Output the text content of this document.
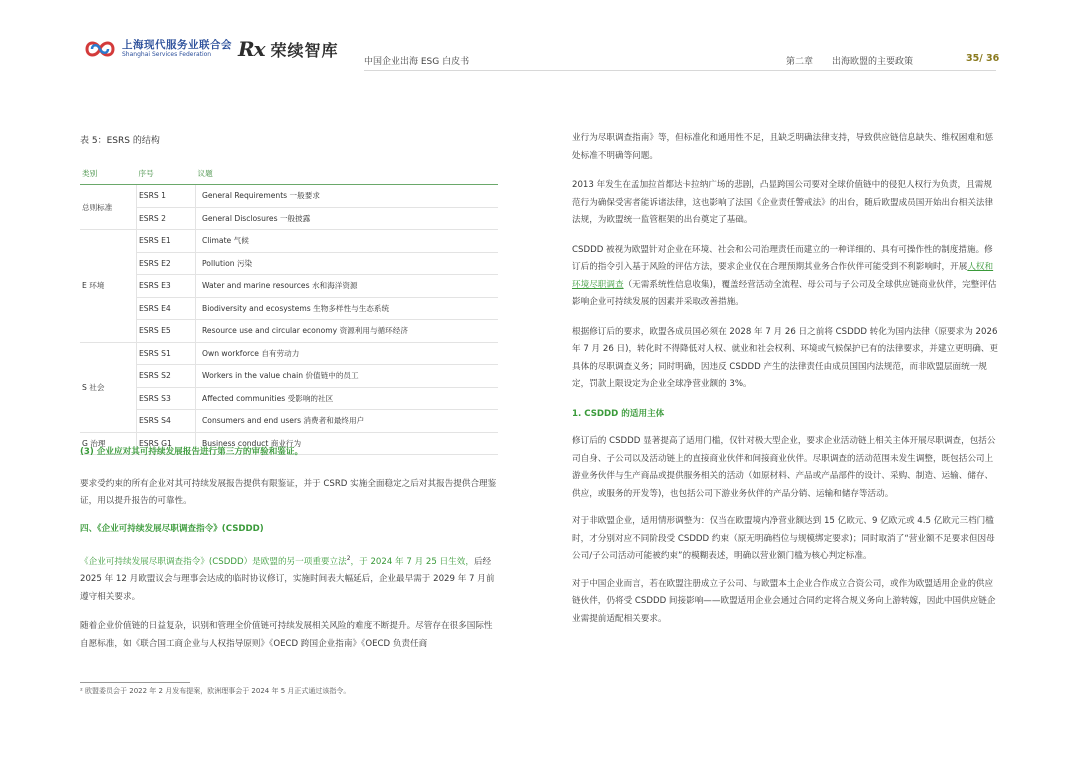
上海现代服务业联合会
Shanghai Services Federation	Rx 荣续智库
中国企业出海 ESG 白皮书	第二章 出海欧盟的主要政策	35/ 36
表 5：ESRS 的结构
类别	序号	议题
总则标准	ESRS 1	General Requirements 一般要求
	ESRS 2	General Disclosures 一般披露
E 环境	ESRS E1	Climate 气候
	ESRS E2	Pollution 污染
	ESRS E3	Water and marine resources 水和海洋资源
	ESRS E4	Biodiversity and ecosystems 生物多样性与生态系统
	ESRS E5	Resource use and circular economy 资源利用与循环经济
S 社会	ESRS S1	Own workforce 自有劳动力
	ESRS S2	Workers in the value chain 价值链中的员工
	ESRS S3	Affected communities 受影响的社区
	ESRS S4	Consumers and end users 消费者和最终用户
G 治理	ESRS G1	Business conduct 商业行为

(3) 企业应对其可持续发展报告进行第三方的审验和鉴证。

要求受约束的所有企业对其可持续发展报告提供有限鉴证，并于 CSRD 实施全面稳定之后对其报告提供合理鉴证，用以提升报告的可靠性。

四、《企业可持续发展尽职调查指令》(CSDDD)

《企业可持续发展尽职调查指令》(CSDDD）是欧盟的另一项重要立法$^2$，于 2024 年 7 月 25 日生效，后经 2025 年 12 月欧盟议会与理事会达成的临时协议修订，实施时间表大幅延后，企业最早需于 2029 年 7 月前遵守相关要求。

随着企业价值链的日益复杂，识别和管理全价值链可持续发展相关风险的难度不断提升。尽管存在很多国际性自愿标准，如《联合国工商企业与人权指导原则》《OECD 跨国企业指南》《OECD 负责任商

² 欧盟委员会于 2022 年 2 月发布提案，欧洲理事会于 2024 年 5 月正式通过该指令。

业行为尽职调查指南》等，但标准化和通用性不足，且缺乏明确法律支持，导致供应链信息缺失、维权困难和惩处标准不明确等问题。

2013 年发生在孟加拉首都达卡拉纳广场的悲剧，凸显跨国公司要对全球价值链中的侵犯人权行为负责，且需规范行为确保受害者能诉诸法律，这也影响了法国《企业责任警戒法》的出台，随后欧盟成员国开始出台相关法律法规，为欧盟统一监管框架的出台奠定了基础。

CSDDD 被视为欧盟针对企业在环境、社会和公司治理责任而建立的一种详细的、具有可操作性的制度措施。修订后的指令引入基于风险的评估方法，要求企业仅在合理预期其业务合作伙伴可能受到不利影响时，开展人权和环境尽职调查（无需系统性信息收集)，覆盖经营活动全流程、母公司与子公司及全球供应链商业伙伴，完整评估影响企业可持续发展的因素并采取改善措施。

根据修订后的要求，欧盟各成员国必须在 2028 年 7 月 26 日之前将 CSDDD 转化为国内法律（原要求为 2026 年 7 月 26 日)，转化时不得降低对人权、就业和社会权利、环境或气候保护已有的法律要求，并建立更明确、更具体的尽职调查义务；同时明确，因违反 CSDDD 产生的法律责任由成员国国内法规范，而非欧盟层面统一规定，罚款上限设定为企业全球净营业额的 3%。

1. CSDDD 的适用主体

修订后的 CSDDD 显著提高了适用门槛，仅针对极大型企业，要求企业活动链上相关主体开展尽职调查，包括公司自身、子公司以及活动链上的直接商业伙伴和间接商业伙伴。尽职调查的活动范围未发生调整，既包括公司上游业务伙伴与生产商品或提供服务相关的活动（如原材料、产品或产品部件的设计、采购、制造、运输、储存、供应，或服务的开发等)，也包括公司下游业务伙伴的产品分销、运输和储存等活动。

对于非欧盟企业，适用情形调整为：仅当在欧盟境内净营业额达到 15 亿欧元、9 亿欧元或 4.5 亿欧元三档门槛时，才分别对应不同阶段受 CSDDD 约束（原无明确档位与规模绑定要求)；同时取消了“营业额不足要求但因母公司/子公司活动可能被约束”的模糊表述，明确以营业额门槛为核心判定标准。

对于中国企业而言，若在欧盟注册成立子公司、与欧盟本土企业合作成立合资公司，或作为欧盟适用企业的供应链伙伴，仍将受 CSDDD 间接影响——欧盟适用企业会通过合同约定将合规义务向上游转嫁，因此中国供应链企业需提前适配相关要求。
